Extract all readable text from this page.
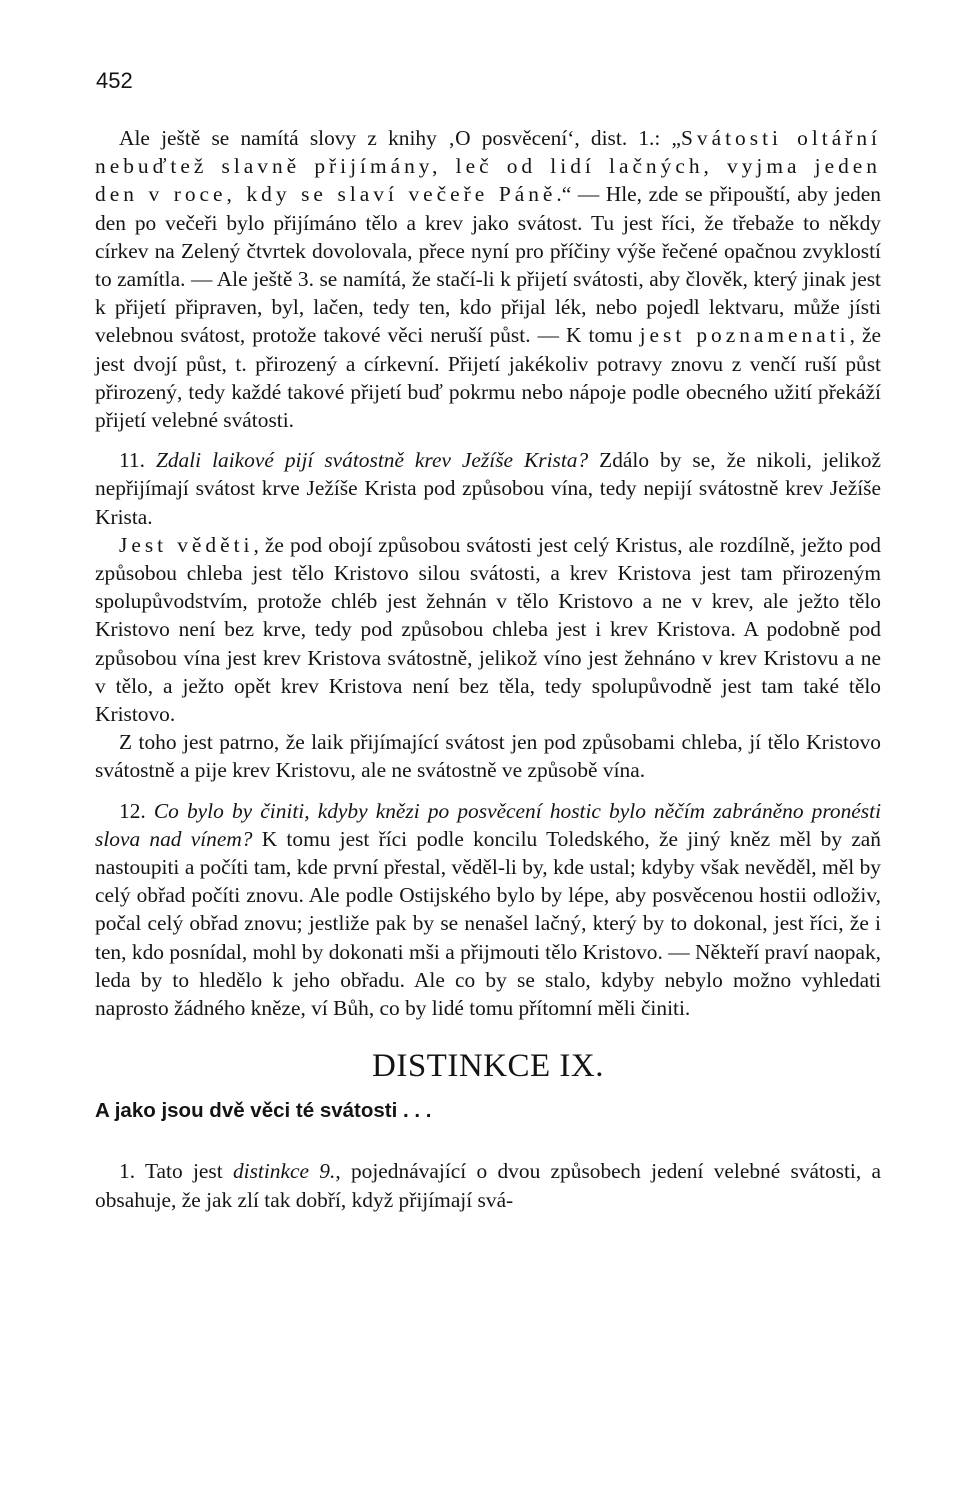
452

Ale ještě se namítá slovy z knihy ‚O posvěcení‘, dist. 1.: „Svátosti oltářní nebuďtež slavně přijímány, leč od lidí lačných, vyjma jeden den v roce, kdy se slaví večeře Páně.“ — Hle, zde se připouští, aby jeden den po večeři bylo přijímáno tělo a krev jako svátost. Tu jest říci, že třebaže to někdy církev na Zelený čtvrtek dovolovala, přece nyní pro příčiny výše řečené opačnou zvyklostí to zamítla. — Ale ještě 3. se namítá, že stačí-li k přijetí svátosti, aby člověk, který jinak jest k přijetí připraven, byl, lačen, tedy ten, kdo přijal lék, nebo pojedl lektvaru, může jísti velebnou svátost, protože takové věci neruší půst. — K tomu jest poznamenati, že jest dvojí půst, t. přirozený a církevní. Přijetí jakékoliv potravy znovu z venčí ruší půst přirozený, tedy každé takové přijetí buď pokrmu nebo nápoje podle obecného užití překáží přijetí velebné svátosti.

11. Zdali laikové pijí svátostně krev Ježíše Krista? Zdálo by se, že nikoli, jelikož nepřijímají svátost krve Ježíše Krista pod způsobou vína, tedy nepijí svátostně krev Ježíše Krista.

Jest věděti, že pod obojí způsobou svátosti jest celý Kristus, ale rozdílně, ježto pod způsobou chleba jest tělo Kristovo silou svátosti, a krev Kristova jest tam přirozeným spolupůvodstvím, protože chléb jest žehnán v tělo Kristovo a ne v krev, ale ježto tělo Kristovo není bez krve, tedy pod způsobou chleba jest i krev Kristova. A podobně pod způsobou vína jest krev Kristova svátostně, jelikož víno jest žehnáno v krev Kristovu a ne v tělo, a ježto opět krev Kristova není bez těla, tedy spolupůvodně jest tam také tělo Kristovo.

Z toho jest patrno, že laik přijímající svátost jen pod způsobami chleba, jí tělo Kristovo svátostně a pije krev Kristovu, ale ne svátostně ve způsobě vína.

12. Co bylo by činiti, kdyby knězi po posvěcení hostic bylo něčím zabráněno pronésti slova nad vínem? K tomu jest říci podle koncilu Toledského, že jiný kněz měl by zaň nastoupiti a počíti tam, kde první přestal, věděl-li by, kde ustal; kdyby však nevěděl, měl by celý obřad počíti znovu. Ale podle Ostijského bylo by lépe, aby posvěcenou hostii odloživ, počal celý obřad znovu; jestliže pak by se nenašel lačný, který by to dokonal, jest říci, že i ten, kdo posnídal, mohl by dokonati mši a přijmouti tělo Kristovo. — Někteří praví naopak, leda by to hledělo k jeho obřadu. Ale co by se stalo, kdyby nebylo možno vyhledati naprosto žádného kněze, ví Bůh, co by lidé tomu přítomní měli činiti.

DISTINKCE IX.
A jako jsou dvě věci té svátosti . . .

1. Tato jest distinkce 9., pojednávající o dvou způsobech jedení velebné svátosti, a obsahuje, že jak zlí tak dobří, když přijímají svá-
